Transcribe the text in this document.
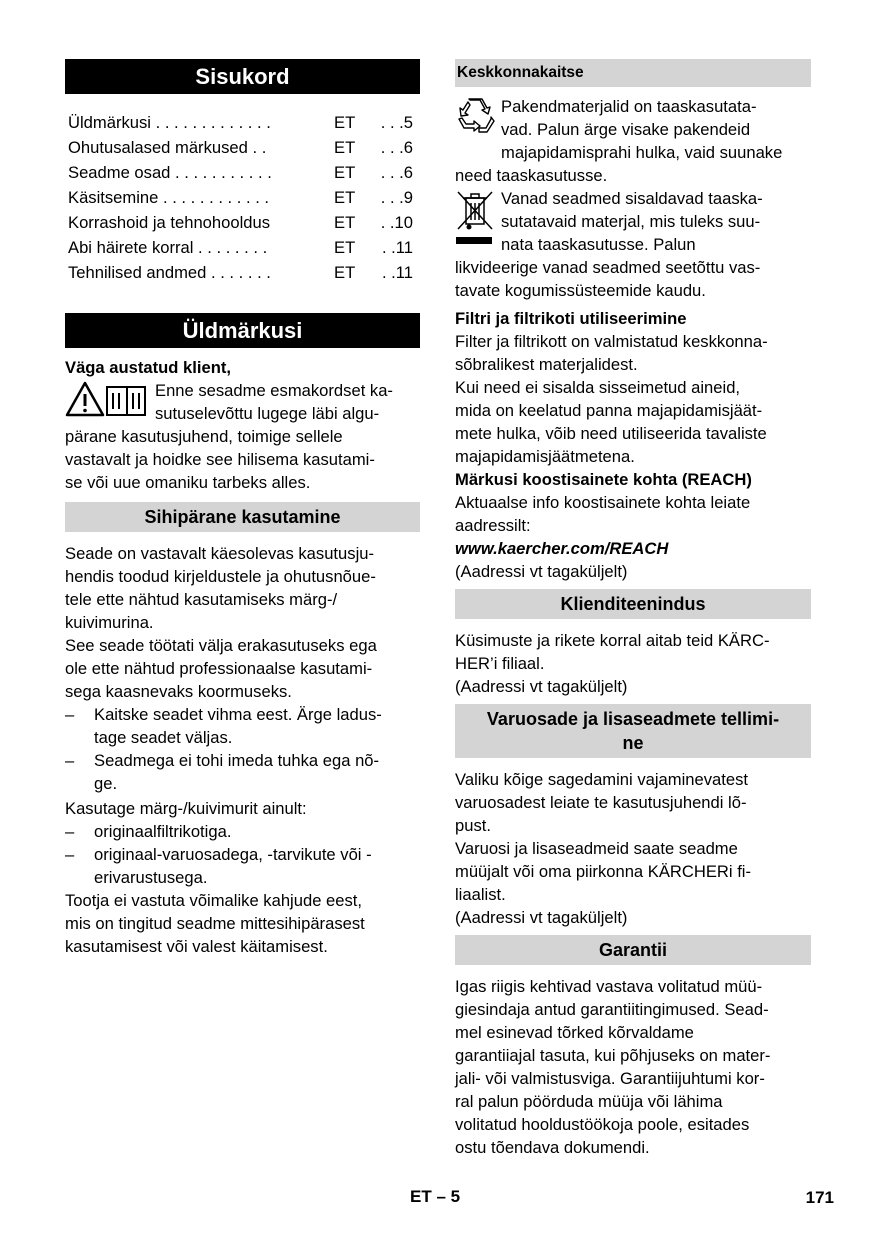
Sisukord
Üldmärkusi . . . . . . . . . . . . .	ET	. . .5
Ohutusalased märkused . .	ET	. . .6
Seadme osad . . . . . . . . . . .	ET	. . .6
Käsitsemine . . . . . . . . . . . .	ET	. . .9
Korrashoid ja tehnohooldus	ET	. .10
Abi häirete korral . . . . . . . .	ET	. .11
Tehnilised andmed . . . . . . .	ET	. .11
Üldmärkusi

Väga austatud klient,

Enne sesadme esmakordset ka-

sutuselevõttu lugege läbi algu-

pärane kasutusjuhend, toimige sellele

vastavalt ja hoidke see hilisema kasutami-

se või uue omaniku tarbeks alles.

Sihipärane kasutamine

Seade on vastavalt käesolevas kasutusju-

hendis toodud kirjeldustele ja ohutusnõue-

tele ette nähtud kasutamiseks märg-/

kuivimurina.

See seade töötati välja erakasutuseks ega

ole ette nähtud professionaalse kasutami-

sega kaasnevaks koormuseks.

–	Kaitske seadet vihma eest. Ärge ladus-
tage seadet väljas.
–	Seadmega ei tohi imeda tuhka ega nõ-
ge.

Kasutage märg-/kuivimurit ainult:

–	originaalfiltrikotiga.
–	originaal-varuosadega, -tarvikute või -
erivarustusega.

Tootja ei vastuta võimalike kahjude eest,

mis on tingitud seadme mittesihipärasest

kasutamisest või valest käitamisest.

Keskkonnakaitse

Pakendmaterjalid on taaskasutata-

vad. Palun ärge visake pakendeid

majapidamisprahi hulka, vaid suunake

need taaskasutusse.

Vanad seadmed sisaldavad taaska-

sutatavaid materjal, mis tuleks suu-

nata taaskasutusse. Palun

likvideerige vanad seadmed seetõttu vas-

tavate kogumissüsteemide kaudu.

Filtri ja filtrikoti utiliseerimine

Filter ja filtrikott on valmistatud keskkonna-

sõbralikest materjalidest.

Kui need ei sisalda sisseimetud aineid,

mida on keelatud panna majapidamisjäät-

mete hulka, võib need utiliseerida tavaliste

majapidamisjäätmetena.

Märkusi koostisainete kohta (REACH)

Aktuaalse info koostisainete kohta leiate

aadressilt:

www.kaercher.com/REACH

(Aadressi vt tagaküljelt)

Klienditeenindus

Küsimuste ja rikete korral aitab teid KÄRC-

HER’i filiaal.

(Aadressi vt tagaküljelt)

Varuosade ja lisaseadmete tellimi-
ne

Valiku kõige sagedamini vajaminevatest

varuosadest leiate te kasutusjuhendi lõ-

pust.

Varuosi ja lisaseadmeid saate seadme

müüjalt või oma piirkonna KÄRCHERi fi-

liaalist.

(Aadressi vt tagaküljelt)

Garantii

Igas riigis kehtivad vastava volitatud müü-

giesindaja antud garantiitingimused. Sead-

mel esinevad tõrked kõrvaldame

garantiiajal tasuta, kui põhjuseks on mater-

jali- või valmistusviga. Garantiijuhtumi kor-

ral palun pöörduda müüja või lähima

volitatud hooldustöökoja poole, esitades

ostu tõendava dokumendi.

ET – 5	171
